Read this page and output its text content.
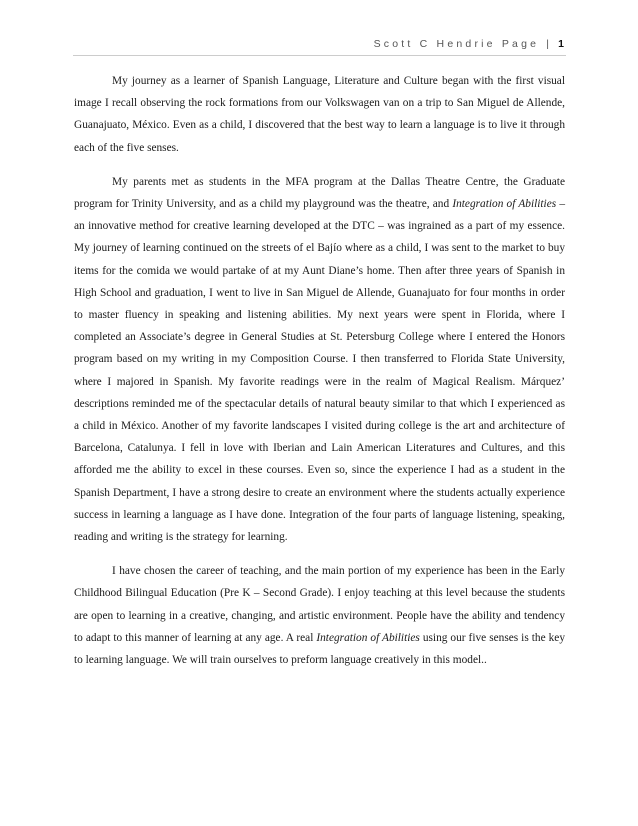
Scott C Hendrie Page | 1

My journey as a learner of Spanish Language, Literature and Culture began with the first visual image I recall observing the rock formations from our Volkswagen van on a trip to San Miguel de Allende, Guanajuato, México. Even as a child, I discovered that the best way to learn a language is to live it through each of the five senses.

My parents met as students in the MFA program at the Dallas Theatre Centre, the Graduate program for Trinity University, and as a child my playground was the theatre, and Integration of Abilities – an innovative method for creative learning developed at the DTC – was ingrained as a part of my essence. My journey of learning continued on the streets of el Bajío where as a child, I was sent to the market to buy items for the comida we would partake of at my Aunt Diane’s home. Then after three years of Spanish in High School and graduation, I went to live in San Miguel de Allende, Guanajuato for four months in order to master fluency in speaking and listening abilities. My next years were spent in Florida, where I completed an Associate’s degree in General Studies at St. Petersburg College where I entered the Honors program based on my writing in my Composition Course. I then transferred to Florida State University, where I majored in Spanish. My favorite readings were in the realm of Magical Realism. Márquez’ descriptions reminded me of the spectacular details of natural beauty similar to that which I experienced as a child in México. Another of my favorite landscapes I visited during college is the art and architecture of Barcelona, Catalunya. I fell in love with Iberian and Lain American Literatures and Cultures, and this afforded me the ability to excel in these courses. Even so, since the experience I had as a student in the Spanish Department, I have a strong desire to create an environment where the students actually experience success in learning a language as I have done. Integration of the four parts of language listening, speaking, reading and writing is the strategy for learning.

I have chosen the career of teaching, and the main portion of my experience has been in the Early Childhood Bilingual Education (Pre K – Second Grade). I enjoy teaching at this level because the students are open to learning in a creative, changing, and artistic environment. People have the ability and tendency to adapt to this manner of learning at any age. A real Integration of Abilities using our five senses is the key to learning language. We will train ourselves to preform language creatively in this model..
